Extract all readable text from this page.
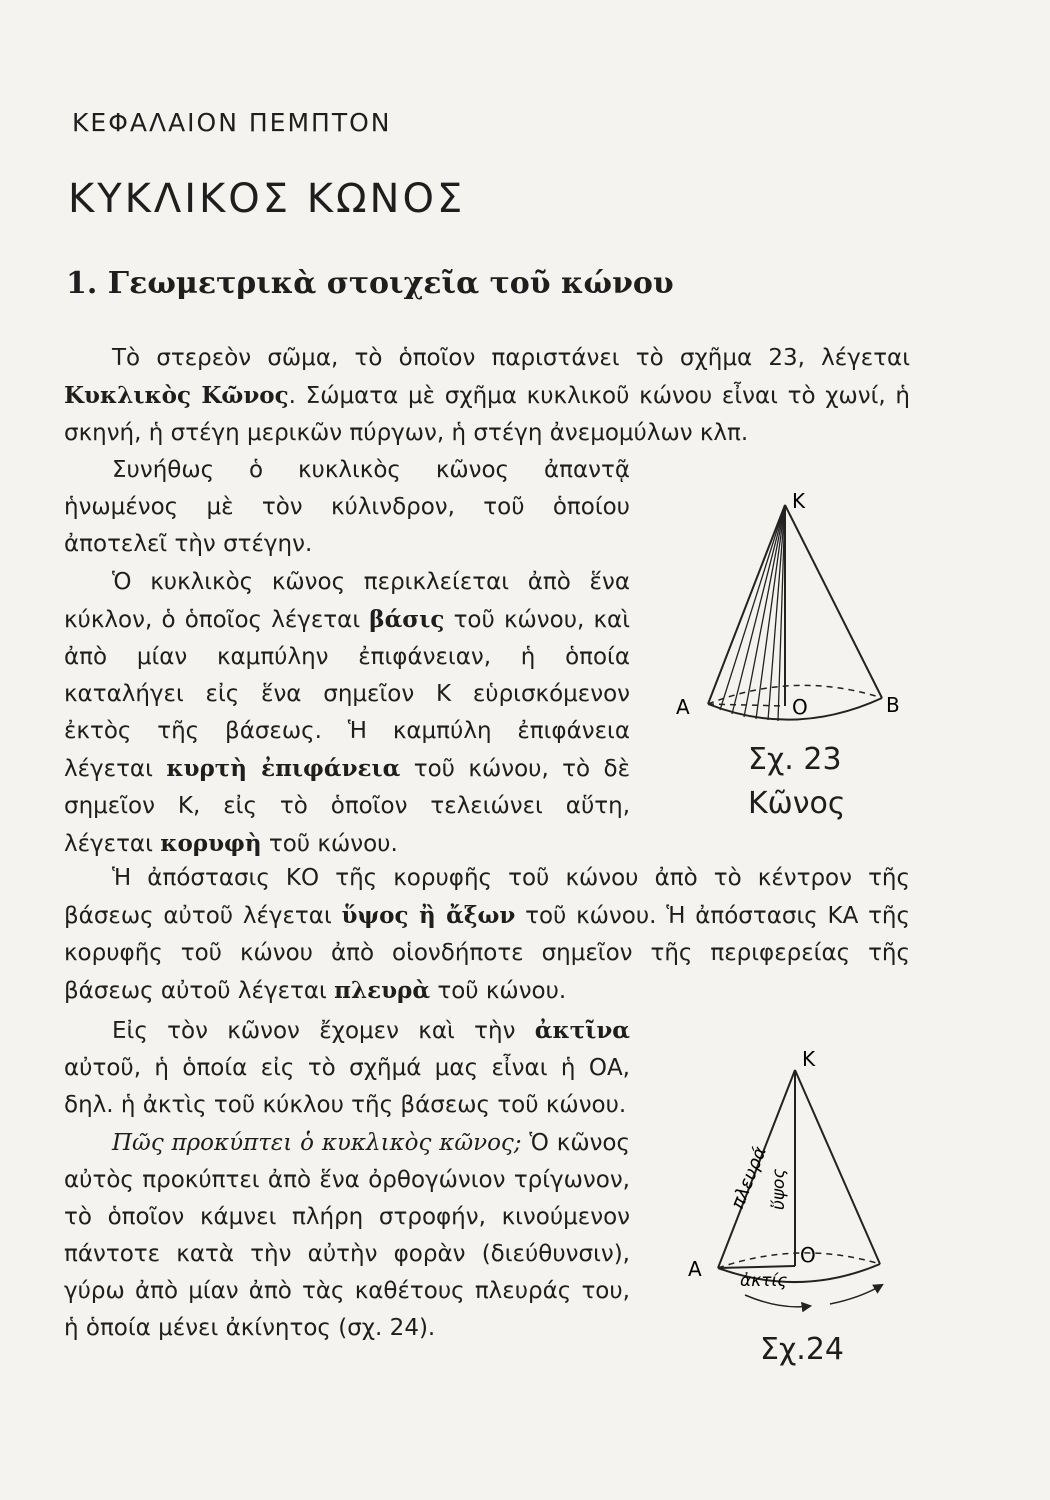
ΚΕΦΑΛΑΙΟΝ ΠΕΜΠΤΟΝ
ΚΥΚΛΙΚΟΣ ΚΩΝΟΣ
1. Γεωμετρικὰ στοιχεῖα τοῦ κώνου
Τὸ στερεὸν σῶμα, τὸ ὁποῖον παριστάνει τὸ σχῆμα 23, λέγεται Κυκλικὸς Κῶνος. Σώματα μὲ σχῆμα κυκλικοῦ κώνου εἶναι τὸ χωνί, ἡ σκηνή, ἡ στέγη μερικῶν πύργων, ἡ στέγη ἀνεμομύλων κλπ.
Συνήθως ὁ κυκλικὸς κῶνος ἀπαντᾷ ἡνωμένος μὲ τὸν κύλινδρον, τοῦ ὁποίου ἀποτελεῖ τὴν στέγην.
Ὁ κυκλικὸς κῶνος περικλείεται ἀπὸ ἕνα κύκλον, ὁ ὁποῖος λέγεται βάσις τοῦ κώνου, καὶ ἀπὸ μίαν καμπύλην ἐπιφάνειαν, ἡ ὁποία καταλήγει εἰς ἕνα σημεῖον Κ εὑρισκόμενον ἐκτὸς τῆς βάσεως. Ἡ καμπύλη ἐπιφάνεια λέγεται κυρτὴ ἐπιφάνεια τοῦ κώνου, τὸ δὲ σημεῖον Κ, εἰς τὸ ὁποῖον τελειώνει αὕτη, λέγεται κορυφὴ τοῦ κώνου.
Ἡ ἀπόστασις ΚΟ τῆς κορυφῆς τοῦ κώνου ἀπὸ τὸ κέντρον τῆς βάσεως αὐτοῦ λέγεται ὕψος ἢ ἄξων τοῦ κώνου. Ἡ ἀπόστασις ΚΑ τῆς κορυφῆς τοῦ κώνου ἀπὸ οἱονδήποτε σημεῖον τῆς περιφερείας τῆς βάσεως αὐτοῦ λέγεται πλευρὰ τοῦ κώνου.
Εἰς τὸν κῶνον ἔχομεν καὶ τὴν ἀκτῖνα αὐτοῦ, ἡ ὁποία εἰς τὸ σχῆμά μας εἶναι ἡ ΟΑ, δηλ. ἡ ἀκτὶς τοῦ κύκλου τῆς βάσεως τοῦ κώνου.
Πῶς προκύπτει ὁ κυκλικὸς κῶνος; Ὁ κῶνος αὐτὸς προκύπτει ἀπὸ ἕνα ὀρθογώνιον τρίγωνον, τὸ ὁποῖον κάμνει πλήρη στροφήν, κινούμενον πάντοτε κατὰ τὴν αὐτὴν φορὰν (διεύθυνσιν), γύρω ἀπὸ μίαν ἀπὸ τὰς καθέτους πλευράς του, ἡ ὁποία μένει ἀκίνητος (σχ. 24).
Κ
Α	Ο	Β
Σχ. 23
Κῶνος
Κ
Α
Ο
πλευρά
ὕψος
ἀκτίς
Σχ.24
